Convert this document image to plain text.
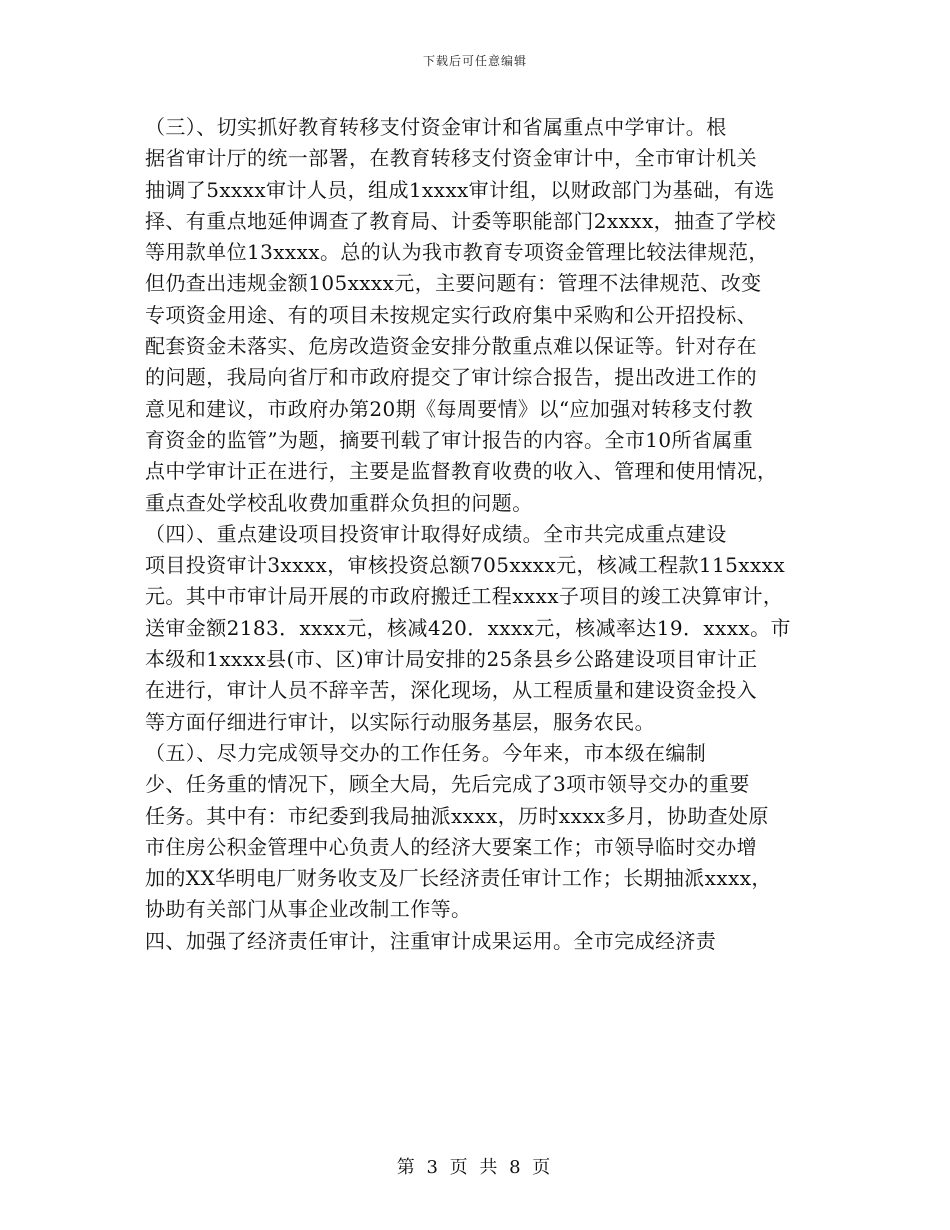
下载后可任意编辑
（三）、切实抓好教育转移支付资金审计和省属重点中学审计。根
据省审计厅的统一部署，在教育转移支付资金审计中，全市审计机关
抽调了5xxxx审计人员，组成1xxxx审计组，以财政部门为基础，有选
择、有重点地延伸调查了教育局、计委等职能部门2xxxx，抽查了学校
等用款单位13xxxx。总的认为我市教育专项资金管理比较法律规范，
但仍查出违规金额105xxxx元，主要问题有：管理不法律规范、改变
专项资金用途、有的项目未按规定实行政府集中采购和公开招投标、
配套资金未落实、危房改造资金安排分散重点难以保证等。针对存在
的问题，我局向省厅和市政府提交了审计综合报告，提出改进工作的
意见和建议，市政府办第20期《每周要情》以“应加强对转移支付教
育资金的监管”为题，摘要刊载了审计报告的内容。全市10所省属重
点中学审计正在进行，主要是监督教育收费的收入、管理和使用情况，
重点查处学校乱收费加重群众负担的问题。
（四）、重点建设项目投资审计取得好成绩。全市共完成重点建设
项目投资审计3xxxx，审核投资总额705xxxx元，核减工程款115xxxx
元。其中市审计局开展的市政府搬迁工程xxxx子项目的竣工决算审计，
送审金额2183．xxxx元，核减420．xxxx元，核减率达19．xxxx。市
本级和1xxxx县(市、区)审计局安排的25条县乡公路建设项目审计正
在进行，审计人员不辞辛苦，深化现场，从工程质量和建设资金投入
等方面仔细进行审计，以实际行动服务基层，服务农民。
（五）、尽力完成领导交办的工作任务。今年来，市本级在编制
少、任务重的情况下，顾全大局，先后完成了3项市领导交办的重要
任务。其中有：市纪委到我局抽派xxxx，历时xxxx多月，协助查处原
市住房公积金管理中心负责人的经济大要案工作；市领导临时交办增
加的XX华明电厂财务收支及厂长经济责任审计工作；长期抽派xxxx，
协助有关部门从事企业改制工作等。
四、加强了经济责任审计，注重审计成果运用。全市完成经济责
第 3 页 共 8 页
